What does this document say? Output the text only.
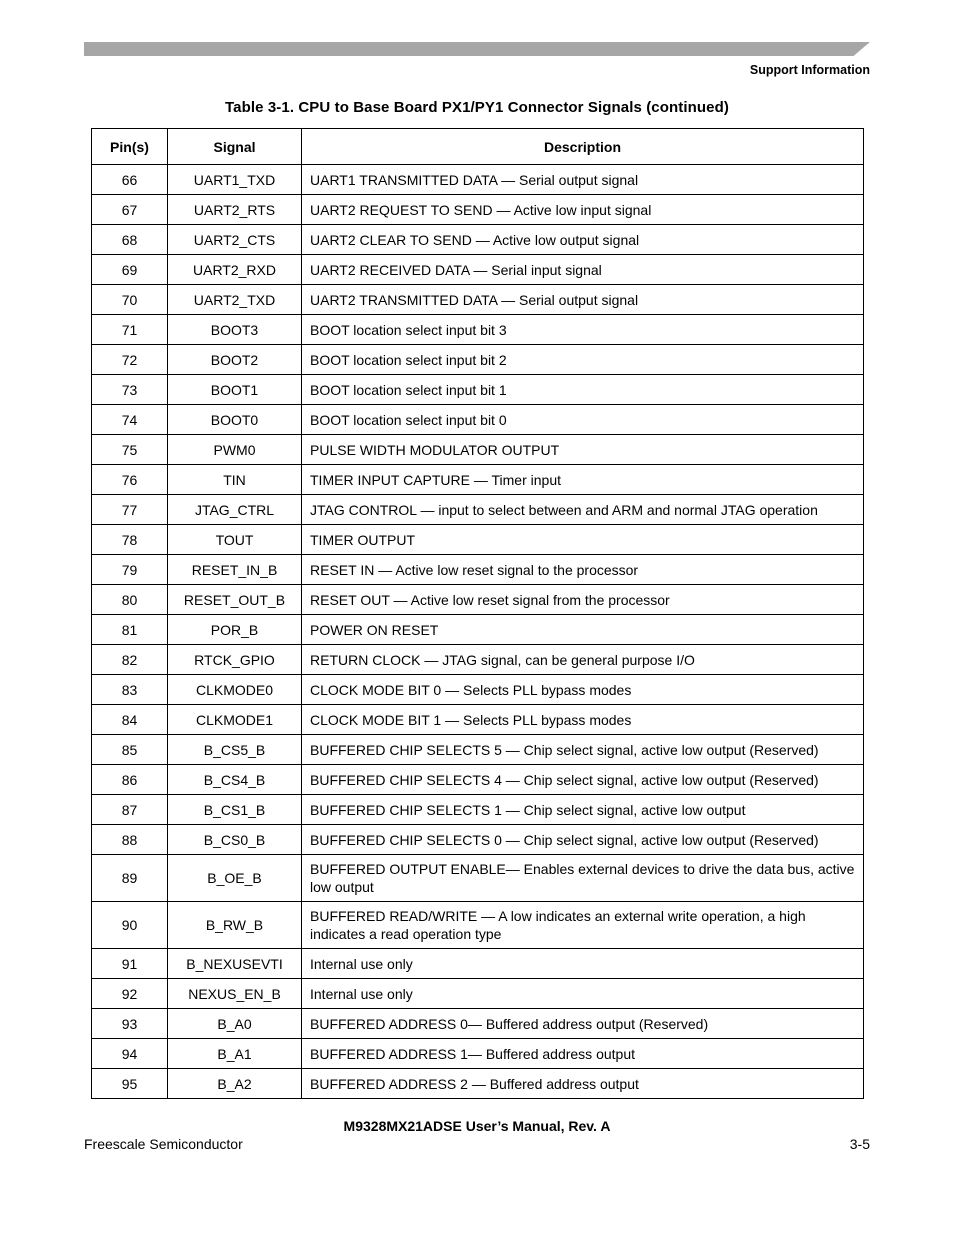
Support Information
Table 3-1. CPU to Base Board PX1/PY1 Connector Signals (continued)
Pin(s)	Signal	Description
66	UART1_TXD	UART1 TRANSMITTED DATA — Serial output signal
67	UART2_RTS	UART2 REQUEST TO SEND — Active low input signal
68	UART2_CTS	UART2 CLEAR TO SEND — Active low output signal
69	UART2_RXD	UART2 RECEIVED DATA — Serial input signal
70	UART2_TXD	UART2 TRANSMITTED DATA — Serial output signal
71	BOOT3	BOOT location select input bit 3
72	BOOT2	BOOT location select input bit 2
73	BOOT1	BOOT location select input bit 1
74	BOOT0	BOOT location select input bit 0
75	PWM0	PULSE WIDTH MODULATOR OUTPUT
76	TIN	TIMER INPUT CAPTURE — Timer input
77	JTAG_CTRL	JTAG CONTROL — input to select between and ARM and normal JTAG operation
78	TOUT	TIMER OUTPUT
79	RESET_IN_B	RESET IN — Active low reset signal to the processor
80	RESET_OUT_B	RESET OUT — Active low reset signal from the processor
81	POR_B	POWER ON RESET
82	RTCK_GPIO	RETURN CLOCK — JTAG signal, can be general purpose I/O
83	CLKMODE0	CLOCK MODE BIT 0 — Selects PLL bypass modes
84	CLKMODE1	CLOCK MODE BIT 1 — Selects PLL bypass modes
85	B_CS5_B	BUFFERED CHIP SELECTS 5 — Chip select signal, active low output (Reserved)
86	B_CS4_B	BUFFERED CHIP SELECTS 4 — Chip select signal, active low output (Reserved)
87	B_CS1_B	BUFFERED CHIP SELECTS 1 — Chip select signal, active low output
88	B_CS0_B	BUFFERED CHIP SELECTS 0 — Chip select signal, active low output (Reserved)
89	B_OE_B	BUFFERED OUTPUT ENABLE— Enables external devices to drive the data bus, active low output
90	B_RW_B	BUFFERED READ/WRITE — A low indicates an external write operation, a high indicates a read operation type
91	B_NEXUSEVTI	Internal use only
92	NEXUS_EN_B	Internal use only
93	B_A0	BUFFERED ADDRESS 0— Buffered address output (Reserved)
94	B_A1	BUFFERED ADDRESS 1— Buffered address output
95	B_A2	BUFFERED ADDRESS 2 — Buffered address output
M9328MX21ADSE User’s Manual, Rev. A
Freescale Semiconductor	3-5
